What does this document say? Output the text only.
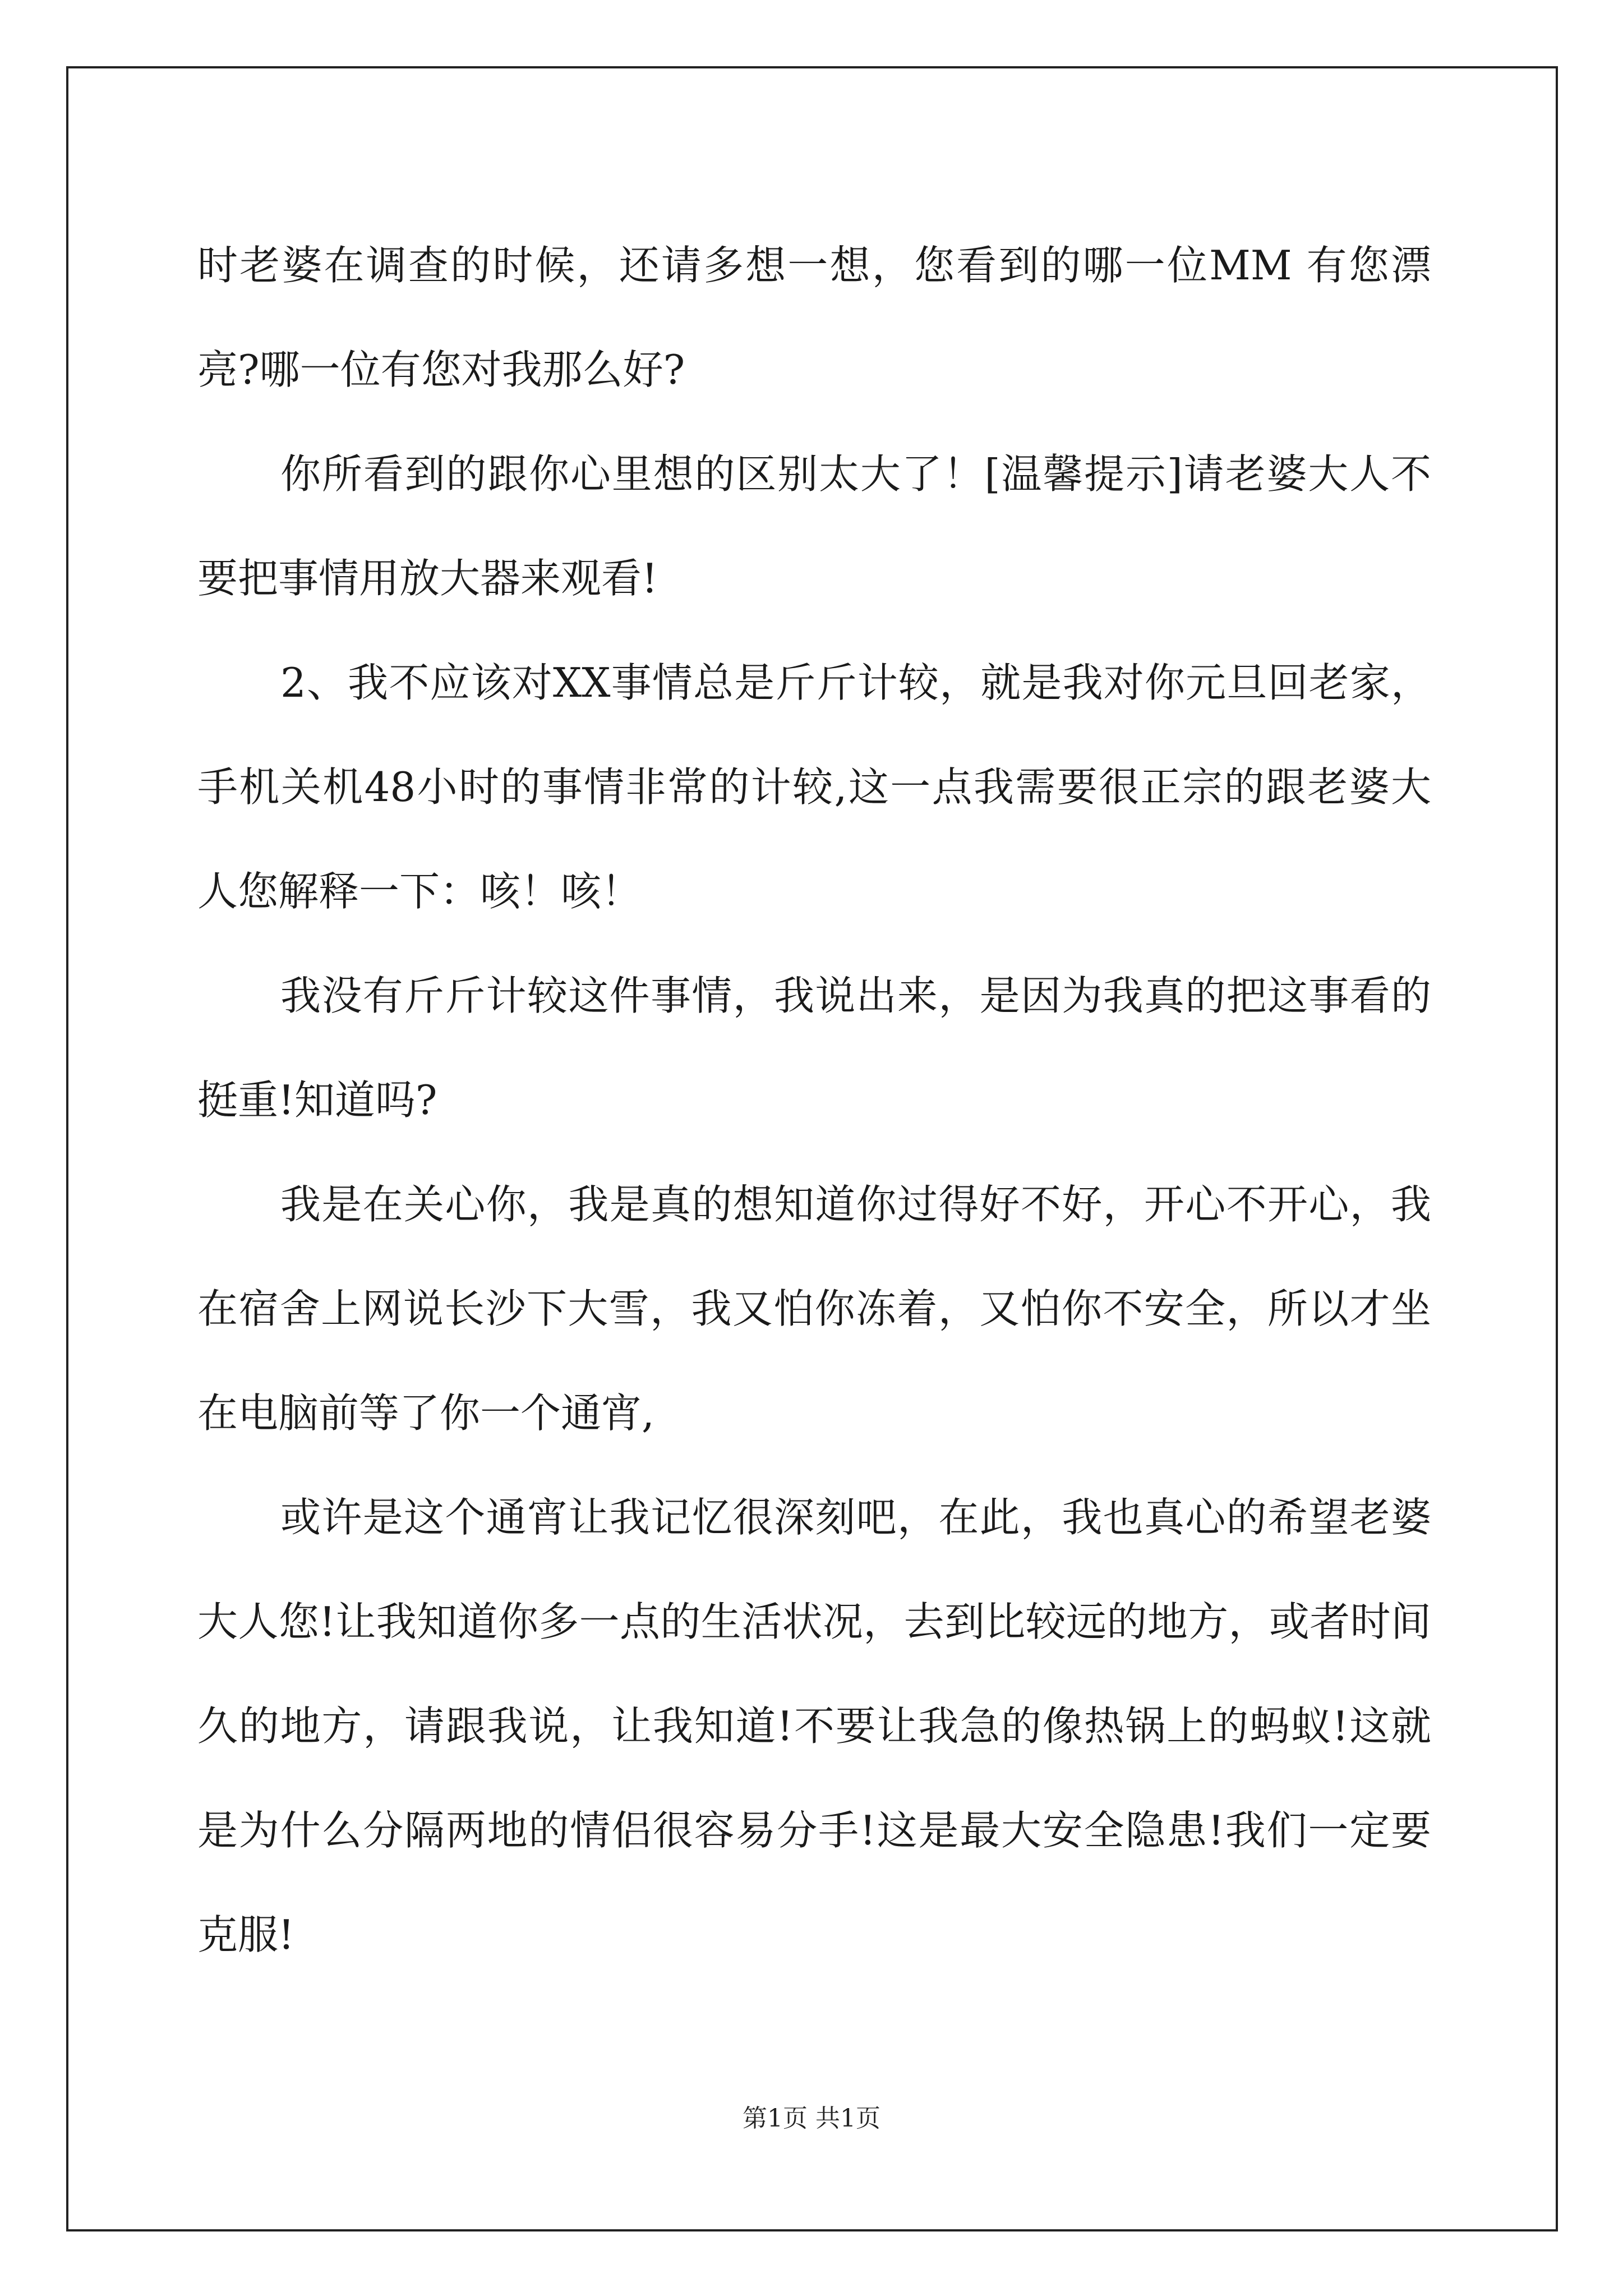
时老婆在调查的时候，还请多想一想，您看到的哪一位MM 有您漂亮?哪一位有您对我那么好?

你所看到的跟你心里想的区别太大了！[温馨提示]请老婆大人不要把事情用放大器来观看!

2、我不应该对XX事情总是斤斤计较，就是我对你元旦回老家，手机关机48小时的事情非常的计较,这一点我需要很正宗的跟老婆大人您解释一下：咳！咳！

我没有斤斤计较这件事情，我说出来，是因为我真的把这事看的挺重!知道吗?

我是在关心你，我是真的想知道你过得好不好，开心不开心，我在宿舍上网说长沙下大雪，我又怕你冻着，又怕你不安全，所以才坐在电脑前等了你一个通宵,

或许是这个通宵让我记忆很深刻吧，在此，我也真心的希望老婆大人您!让我知道你多一点的生活状况，去到比较远的地方，或者时间久的地方，请跟我说，让我知道!不要让我急的像热锅上的蚂蚁!这就是为什么分隔两地的情侣很容易分手!这是最大安全隐患!我们一定要克服!

第1页 共1页
